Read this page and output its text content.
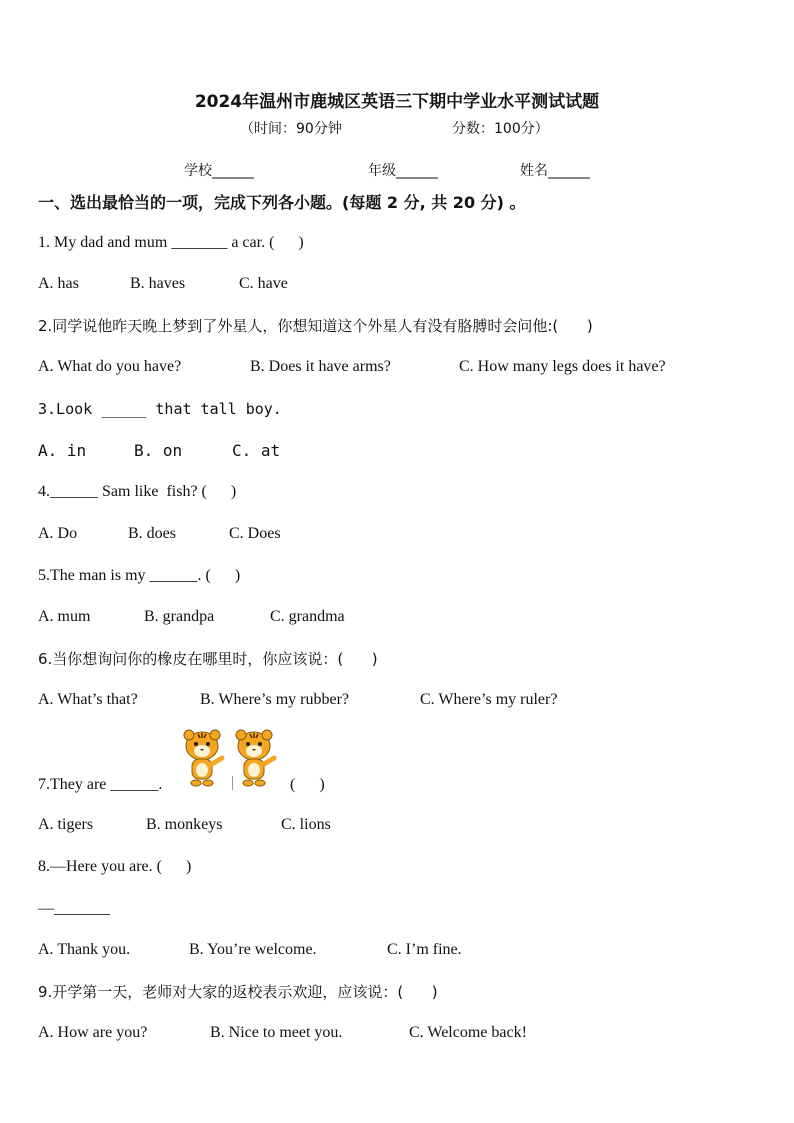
2024年温州市鹿城区英语三下期中学业水平测试试题
（时间：90分钟	分数：100分）
学校______	年级______	姓名______
一、选出最恰当的一项，完成下列各小题。(每题 2 分, 共 20 分) 。
1. My dad and mum _______ a car. (      )
A. has	B. haves	C. have
2.同学说他昨天晚上梦到了外星人，你想知道这个外星人有没有胳膊时会问他:(      )
A. What do you have?	B. Does it have arms?	C. How many legs does it have?
3.Look _____ that tall boy.
A. in	B. on	C. at
4.______ Sam like  fish? (      )
A. Do	B. does	C. Does
5.The man is my ______. (      )
A. mum	B. grandpa	C. grandma
6.当你想询问你的橡皮在哪里时，你应该说：(      )
A. What’s that?	B. Where’s my rubber?	C. Where’s my ruler?
7.They are ______.	(      )
A. tigers	B. monkeys	C. lions
8.—Here you are. (      )
—_______
A. Thank you.	B. You’re welcome.	C. I’m fine.
9.开学第一天，老师对大家的返校表示欢迎，应该说：(      )
A. How are you?	B. Nice to meet you.	C. Welcome back!
